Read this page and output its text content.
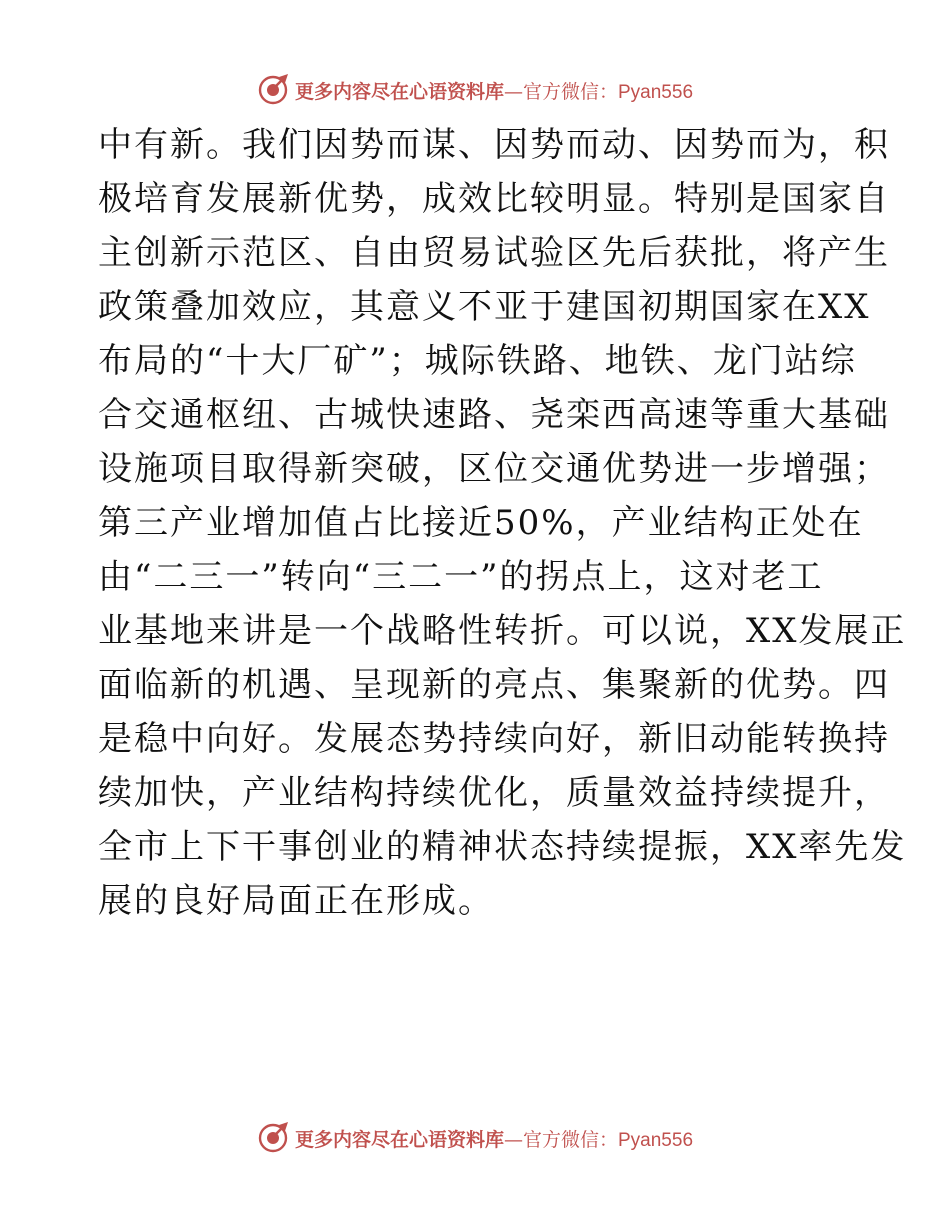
更多内容尽在心语资料库—官方微信：Pyan556
中有新。我们因势而谋、因势而动、因势而为，积
极培育发展新优势，成效比较明显。特别是国家自
主创新示范区、自由贸易试验区先后获批，将产生
政策叠加效应，其意义不亚于建国初期国家在XX
布局的“十大厂矿”；城际铁路、地铁、龙门站综
合交通枢纽、古城快速路、尧栾西高速等重大基础
设施项目取得新突破，区位交通优势进一步增强；
第三产业增加值占比接近50%，产业结构正处在
由“二三一”转向“三二一”的拐点上，这对老工
业基地来讲是一个战略性转折。可以说，XX发展正
面临新的机遇、呈现新的亮点、集聚新的优势。四
是稳中向好。发展态势持续向好，新旧动能转换持
续加快，产业结构持续优化，质量效益持续提升，
全市上下干事创业的精神状态持续提振，XX率先发
展的良好局面正在形成。
更多内容尽在心语资料库—官方微信：Pyan556
